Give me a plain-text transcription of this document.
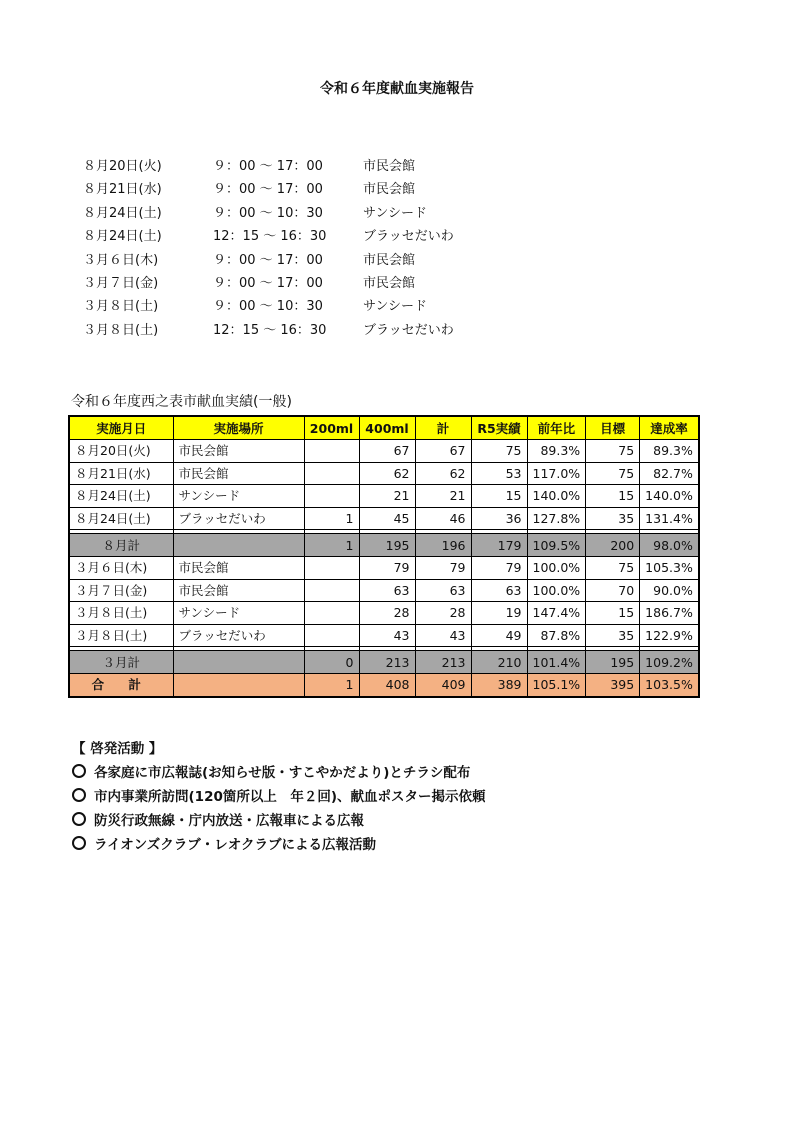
令和６年度献血実施報告
８月20日(火)	９：00 ～ 17：00	市民会館
８月21日(水)	９：00 ～ 17：00	市民会館
８月24日(土)	９：00 ～ 10：30	サンシード
８月24日(土)	12：15 ～ 16：30	ブラッセだいわ
３月６日(木)	９：00 ～ 17：00	市民会館
３月７日(金)	９：00 ～ 17：00	市民会館
３月８日(土)	９：00 ～ 10：30	サンシード
３月８日(土)	12：15 ～ 16：30	ブラッセだいわ
令和６年度西之表市献血実績(一般)
実施月日	実施場所	200ml	400ml	計	R5実績	前年比	目標	達成率
８月20日(火)	市民会館		67	67	75	89.3%	75	89.3%
８月21日(水)	市民会館		62	62	53	117.0%	75	82.7%
８月24日(土)	サンシード		21	21	15	140.0%	15	140.0%
８月24日(土)	ブラッセだいわ	1	45	46	36	127.8%	35	131.4%

８月計		1	195	196	179	109.5%	200	98.0%
３月６日(木)	市民会館		79	79	79	100.0%	75	105.3%
３月７日(金)	市民会館		63	63	63	100.0%	70	90.0%
３月８日(土)	サンシード		28	28	19	147.4%	15	186.7%
３月８日(土)	ブラッセだいわ		43	43	49	87.8%	35	122.9%

３月計		0	213	213	210	101.4%	195	109.2%
合 計		1	408	409	389	105.1%	395	103.5%
【 啓発活動 】
各家庭に市広報誌(お知らせ版・すこやかだより)とチラシ配布
市内事業所訪問(120箇所以上　年２回)、献血ポスター掲示依頼
防災行政無線・庁内放送・広報車による広報
ライオンズクラブ・レオクラブによる広報活動
